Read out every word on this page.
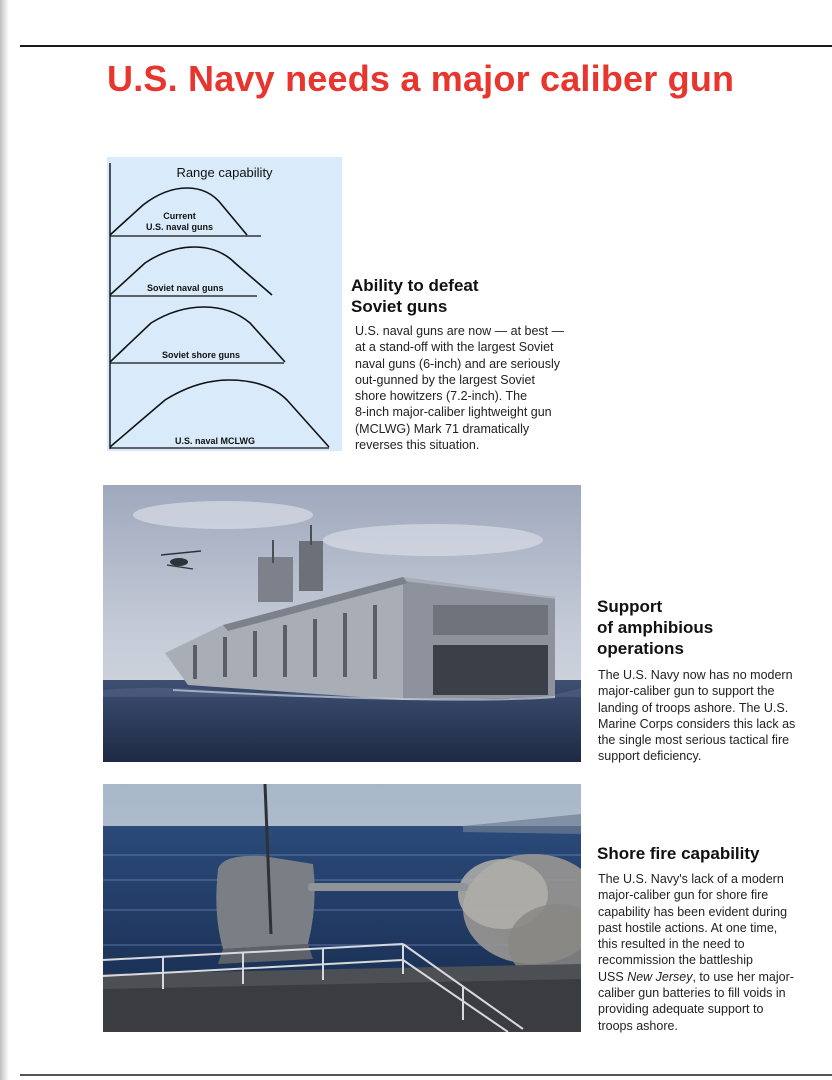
U.S. Navy needs a major caliber gun
Range capability
Current
U.S. naval guns
Soviet naval guns
Soviet shore guns
U.S. naval MCLWG
Ability to defeat
Soviet guns
U.S. naval guns are now — at best —
at a stand-off with the largest Soviet
naval guns (6-inch) and are seriously
out-gunned by the largest Soviet
shore howitzers (7.2-inch). The
8-inch major-caliber lightweight gun
(MCLWG) Mark 71 dramatically
reverses this situation.
Support
of amphibious
operations
The U.S. Navy now has no modern
major-caliber gun to support the
landing of troops ashore. The U.S.
Marine Corps considers this lack as
the single most serious tactical fire
support deficiency.
Shore fire capability
The U.S. Navy's lack of a modern
major-caliber gun for shore fire
capability has been evident during
past hostile actions. At one time,
this resulted in the need to
recommission the battleship
USS New Jersey, to use her major-
caliber gun batteries to fill voids in
providing adequate support to
troops ashore.
